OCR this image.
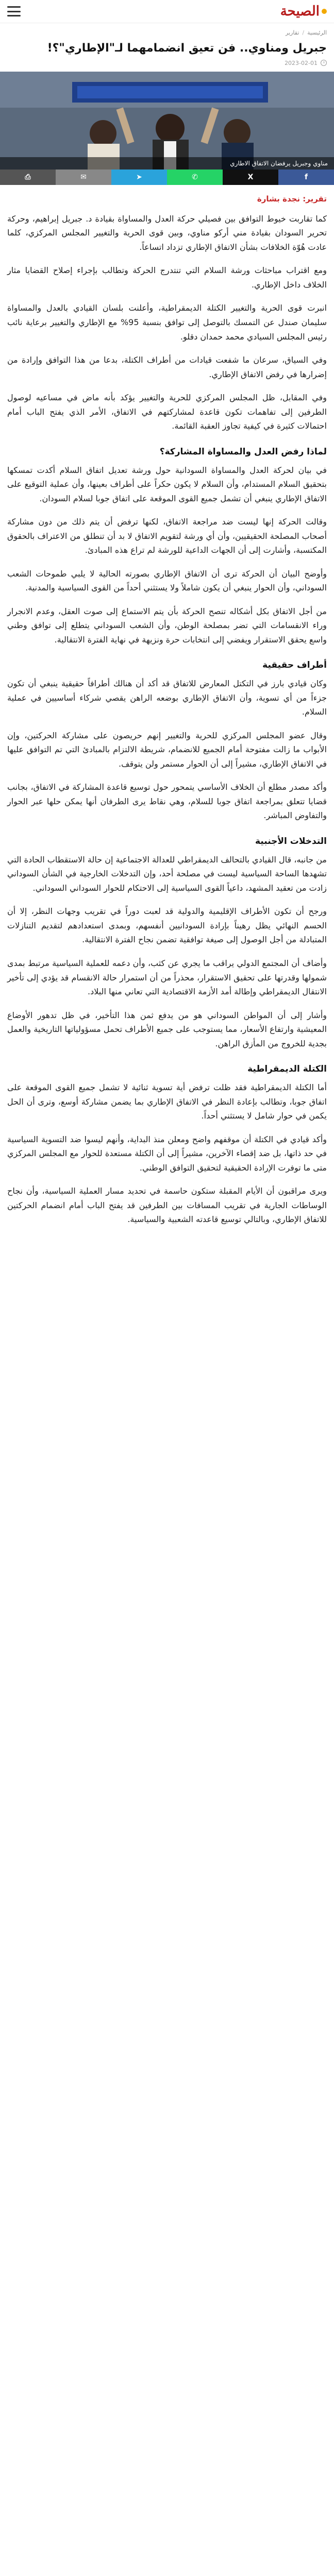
الصيحة
الرئيسية
/
تقارير
جبريل ومناوي.. فن تعيق انضمامهما لـ"الإطاري"؟!
2023-02-01
مناوي وجبريل يرفضان الاتفاق الاطاري
f
X
✆
➤
✉
⎙
تقرير: نجدة بشارة

كما تقاربت خيوط التوافق بين فصيلي حركة العدل والمساواة بقيادة د. جبريل إبراهيم، وحركة تحرير السودان بقيادة مني أركو مناوي، وبين قوى الحرية والتغيير المجلس المركزي، كلما عادت هُوّة الخلافات بشأن الاتفاق الإطاري تزداد اتساعاً.

ومع اقتراب مباحثات ورشة السلام التي تنتدرج الحركة وتطالب بإجراء إصلاح القضايا مثار الخلاف داخل الإطاري.

انبرت قوى الحرية والتغيير الكتلة الديمقراطية، وأعلنت بلسان القيادي بالعدل والمساواة سليمان صندل عن التمسك بالتوصل إلى توافق بنسبة 95% مع الإطاري والتغيير برعاية نائب رئيس المجلس السيادي محمد حمدان دقلو.

وفي السياق، سرعان ما شفعت قيادات من أطراف الكتلة، بدعا من هذا التوافق وإرادة من إضرارها في رفض الاتفاق الإطاري.

وفي المقابل، ظل المجلس المركزي للحرية والتغيير يؤكد بأنه ماض في مساعيه لوصول الطرفين إلى تفاهمات تكون قاعدة لمشاركتهم في الاتفاق، الأمر الذي يفتح الباب أمام احتمالات كثيرة في كيفية تجاوز العقبة القائمة.

لماذا رفض العدل والمساواة المشاركة؟

في بيان لحركة العدل والمساواة السودانية حول ورشة تعديل اتفاق السلام أكدت تمسكها بتحقيق السلام المستدام، وأن السلام لا يكون حكراً على أطراف بعينها، وأن عملية التوقيع على الاتفاق الإطاري ينبغي أن تشمل جميع القوى الموقعة على اتفاق جوبا لسلام السودان.

وقالت الحركة إنها ليست ضد مراجعة الاتفاق، لكنها ترفض أن يتم ذلك من دون مشاركة أصحاب المصلحة الحقيقيين، وأن أي ورشة لتقويم الاتفاق لا بد أن تنطلق من الاعتراف بالحقوق المكتسبة، وأشارت إلى أن الجهات الداعية للورشة لم تراع هذه المبادئ.

وأوضح البيان أن الحركة ترى أن الاتفاق الإطاري بصورته الحالية لا يلبي طموحات الشعب السوداني، وأن الحوار ينبغي أن يكون شاملاً ولا يستثني أحداً من القوى السياسية والمدنية.

من أجل الاتفاق بكل أشكاله تنصح الحركة بأن يتم الاستماع إلى صوت العقل، وعدم الانجرار وراء الانقسامات التي تضر بمصلحة الوطن، وأن الشعب السوداني يتطلع إلى توافق وطني واسع يحقق الاستقرار ويفضي إلى انتخابات حرة ونزيهة في نهاية الفترة الانتقالية.

أطراف حقيقية

وكان قيادي بارز في التكتل المعارض للاتفاق قد أكد أن هنالك أطرافاً حقيقية ينبغي أن تكون جزءاً من أي تسوية، وأن الاتفاق الإطاري بوضعه الراهن يقصي شركاء أساسيين في عملية السلام.

وقال عضو المجلس المركزي للحرية والتغيير إنهم حريصون على مشاركة الحركتين، وإن الأبواب ما زالت مفتوحة أمام الجميع للانضمام، شريطة الالتزام بالمبادئ التي تم التوافق عليها في الاتفاق الإطاري، مشيراً إلى أن الحوار مستمر ولن يتوقف.

وأكد مصدر مطلع أن الخلاف الأساسي يتمحور حول توسيع قاعدة المشاركة في الاتفاق، بجانب قضايا تتعلق بمراجعة اتفاق جوبا للسلام، وهي نقاط يرى الطرفان أنها يمكن حلها عبر الحوار والتفاوض المباشر.

التدخلات الأجنبية

من جانبه، قال القيادي بالتحالف الديمقراطي للعدالة الاجتماعية إن حالة الاستقطاب الحادة التي تشهدها الساحة السياسية ليست في مصلحة أحد، وإن التدخلات الخارجية في الشأن السوداني زادت من تعقيد المشهد، داعياً القوى السياسية إلى الاحتكام للحوار السوداني السوداني.

ورجح أن تكون الأطراف الإقليمية والدولية قد لعبت دوراً في تقريب وجهات النظر، إلا أن الحسم النهائي يظل رهيناً بإرادة السودانيين أنفسهم، وبمدى استعدادهم لتقديم التنازلات المتبادلة من أجل الوصول إلى صيغة توافقية تضمن نجاح الفترة الانتقالية.

وأضاف أن المجتمع الدولي يراقب ما يجري عن كثب، وأن دعمه للعملية السياسية مرتبط بمدى شمولها وقدرتها على تحقيق الاستقرار، محذراً من أن استمرار حالة الانقسام قد يؤدي إلى تأخير الانتقال الديمقراطي وإطالة أمد الأزمة الاقتصادية التي تعاني منها البلاد.

وأشار إلى أن المواطن السوداني هو من يدفع ثمن هذا التأخير، في ظل تدهور الأوضاع المعيشية وارتفاع الأسعار، مما يستوجب على جميع الأطراف تحمل مسؤولياتها التاريخية والعمل بجدية للخروج من المأزق الراهن.

الكتلة الديمقراطية

أما الكتلة الديمقراطية فقد ظلت ترفض أية تسوية ثنائية لا تشمل جميع القوى الموقعة على اتفاق جوبا، وتطالب بإعادة النظر في الاتفاق الإطاري بما يضمن مشاركة أوسع، وترى أن الحل يكمن في حوار شامل لا يستثني أحداً.

وأكد قيادي في الكتلة أن موقفهم واضح ومعلن منذ البداية، وأنهم ليسوا ضد التسوية السياسية في حد ذاتها، بل ضد إقصاء الآخرين، مشيراً إلى أن الكتلة مستعدة للحوار مع المجلس المركزي متى ما توفرت الإرادة الحقيقية لتحقيق التوافق الوطني.

ويرى مراقبون أن الأيام المقبلة ستكون حاسمة في تحديد مسار العملية السياسية، وأن نجاح الوساطات الجارية في تقريب المسافات بين الطرفين قد يفتح الباب أمام انضمام الحركتين للاتفاق الإطاري، وبالتالي توسيع قاعدته الشعبية والسياسية.
